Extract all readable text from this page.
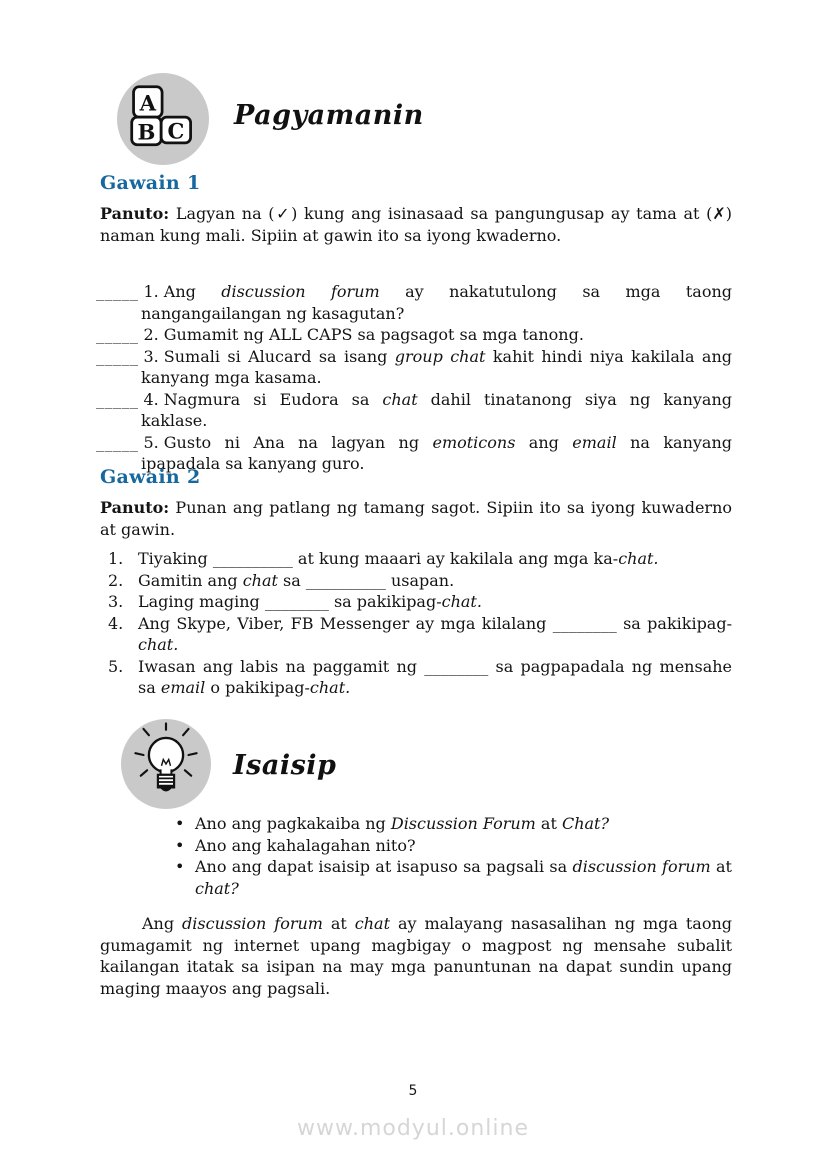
A
B C Pagyamanin
Gawain 1

Panuto: Lagyan na (✓) kung ang isinasaad sa pangungusap ay tama at (✗) naman kung mali. Sipiin at gawin ito sa iyong kwaderno.

_____ 1. Ang discussion forum ay nakatutulong sa mga taong nangangailangan ng kasagutan?
_____ 2. Gumamit ng ALL CAPS sa pagsagot sa mga tanong.
_____ 3. Sumali si Alucard sa isang group chat kahit hindi niya kakilala ang kanyang mga kasama.
_____ 4. Nagmura si Eudora sa chat dahil tinatanong siya ng kanyang kaklase.
_____ 5. Gusto ni Ana na lagyan ng emoticons ang email na kanyang ipapadala sa kanyang guro.
Gawain 2

Panuto: Punan ang patlang ng tamang sagot. Sipiin ito sa iyong kuwaderno at gawin.

1. Tiyaking __________ at kung maaari ay kakilala ang mga ka-chat.
2. Gamitin ang chat sa __________ usapan.
3. Laging maging ________ sa pakikipag-chat.
4. Ang Skype, Viber, FB Messenger ay mga kilalang ________ sa pakikipag-chat.
5. Iwasan ang labis na paggamit ng ________ sa pagpapadala ng mensahe sa email o pakikipag-chat.
Isaisip
• Ano ang pagkakaiba ng Discussion Forum at Chat?
• Ano ang kahalagahan nito?
• Ano ang dapat isaisip at isapuso sa pagsali sa discussion forum at chat?

Ang discussion forum at chat ay malayang nasasalihan ng mga taong gumagamit ng internet upang magbigay o magpost ng mensahe subalit kailangan itatak sa isipan na may mga panuntunan na dapat sundin upang maging maayos ang pagsali.

5

www.modyul.online
